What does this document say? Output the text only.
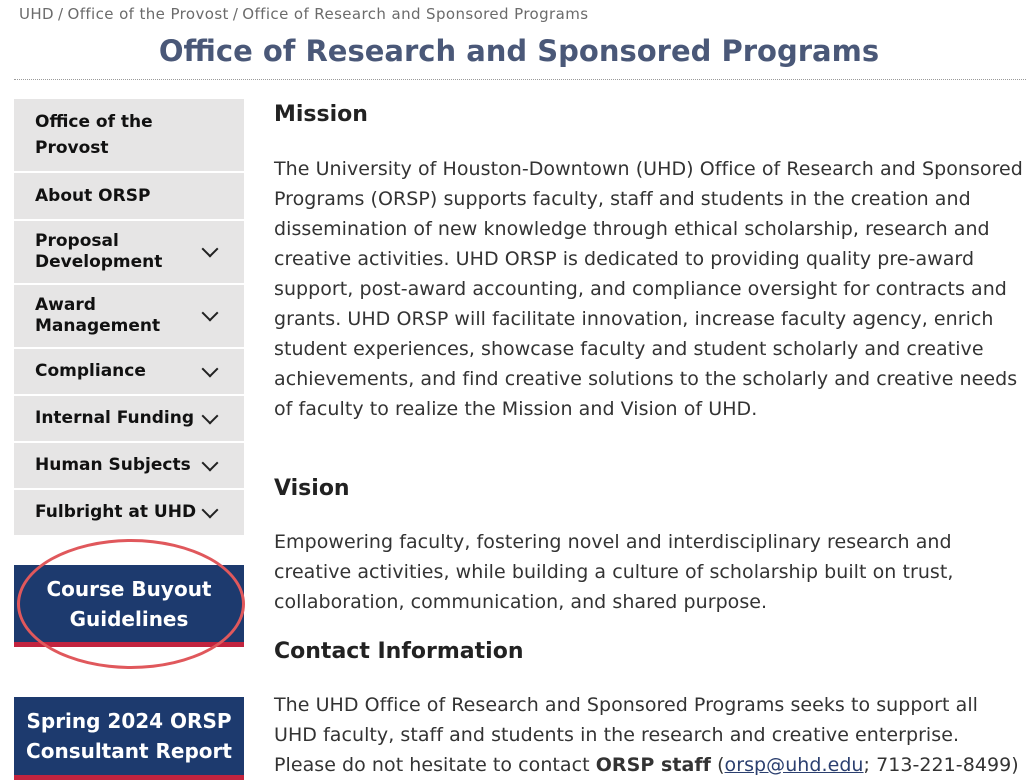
UHD / Office of the Provost / Office of Research and Sponsored Programs
Office of Research and Sponsored Programs
Office of the Provost
About ORSP
Proposal Development
Award Management
Compliance
Internal Funding
Human Subjects
Fulbright at UHD
Course Buyout Guidelines
Spring 2024 ORSP Consultant Report
Mission

The University of Houston-Downtown (UHD) Office of Research and Sponsored Programs (ORSP) supports faculty, staff and students in the creation and dissemination of new knowledge through ethical scholarship, research and creative activities. UHD ORSP is dedicated to providing quality pre-award support, post-award accounting, and compliance oversight for contracts and grants. UHD ORSP will facilitate innovation, increase faculty agency, enrich student experiences, showcase faculty and student scholarly and creative achievements, and find creative solutions to the scholarly and creative needs of faculty to realize the Mission and Vision of UHD.

Vision

Empowering faculty, fostering novel and interdisciplinary research and creative activities, while building a culture of scholarship built on trust, collaboration, communication, and shared purpose.

Contact Information

The UHD Office of Research and Sponsored Programs seeks to support all
UHD faculty, staff and students in the research and creative enterprise.
Please do not hesitate to contact ORSP staff (orsp@uhd.edu; 713-221-8499)
